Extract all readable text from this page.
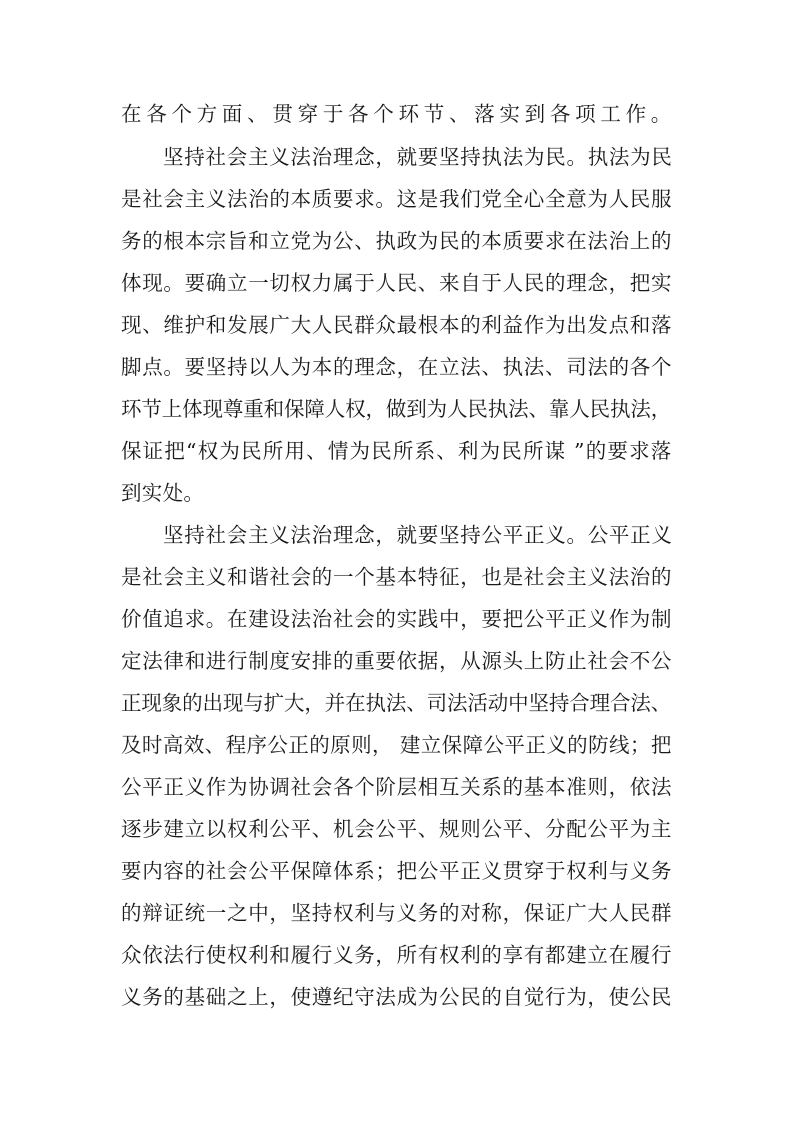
在各个方面、贯穿于各个环节、落实到各项工作。

坚持社会主义法治理念，就要坚持执法为民。执法为民

是社会主义法治的本质要求。这是我们党全心全意为人民服

务的根本宗旨和立党为公、执政为民的本质要求在法治上的

体现。要确立一切权力属于人民、来自于人民的理念，把实

现、维护和发展广大人民群众最根本的利益作为出发点和落

脚点。要坚持以人为本的理念，在立法、执法、司法的各个

环节上体现尊重和保障人权，做到为人民执法、靠人民执法，

保证把“权为民所用、情为民所系、利为民所谋 ”的要求落

到实处。

坚持社会主义法治理念，就要坚持公平正义。公平正义

是社会主义和谐社会的一个基本特征，也是社会主义法治的

价值追求。在建设法治社会的实践中，要把公平正义作为制

定法律和进行制度安排的重要依据，从源头上防止社会不公

正现象的出现与扩大，并在执法、司法活动中坚持合理合法、

及时高效、程序公正的原则， 建立保障公平正义的防线；把

公平正义作为协调社会各个阶层相互关系的基本准则，依法

逐步建立以权利公平、机会公平、规则公平、分配公平为主

要内容的社会公平保障体系；把公平正义贯穿于权利与义务

的辩证统一之中，坚持权利与义务的对称，保证广大人民群

众依法行使权利和履行义务，所有权利的享有都建立在履行

义务的基础之上，使遵纪守法成为公民的自觉行为，使公民
